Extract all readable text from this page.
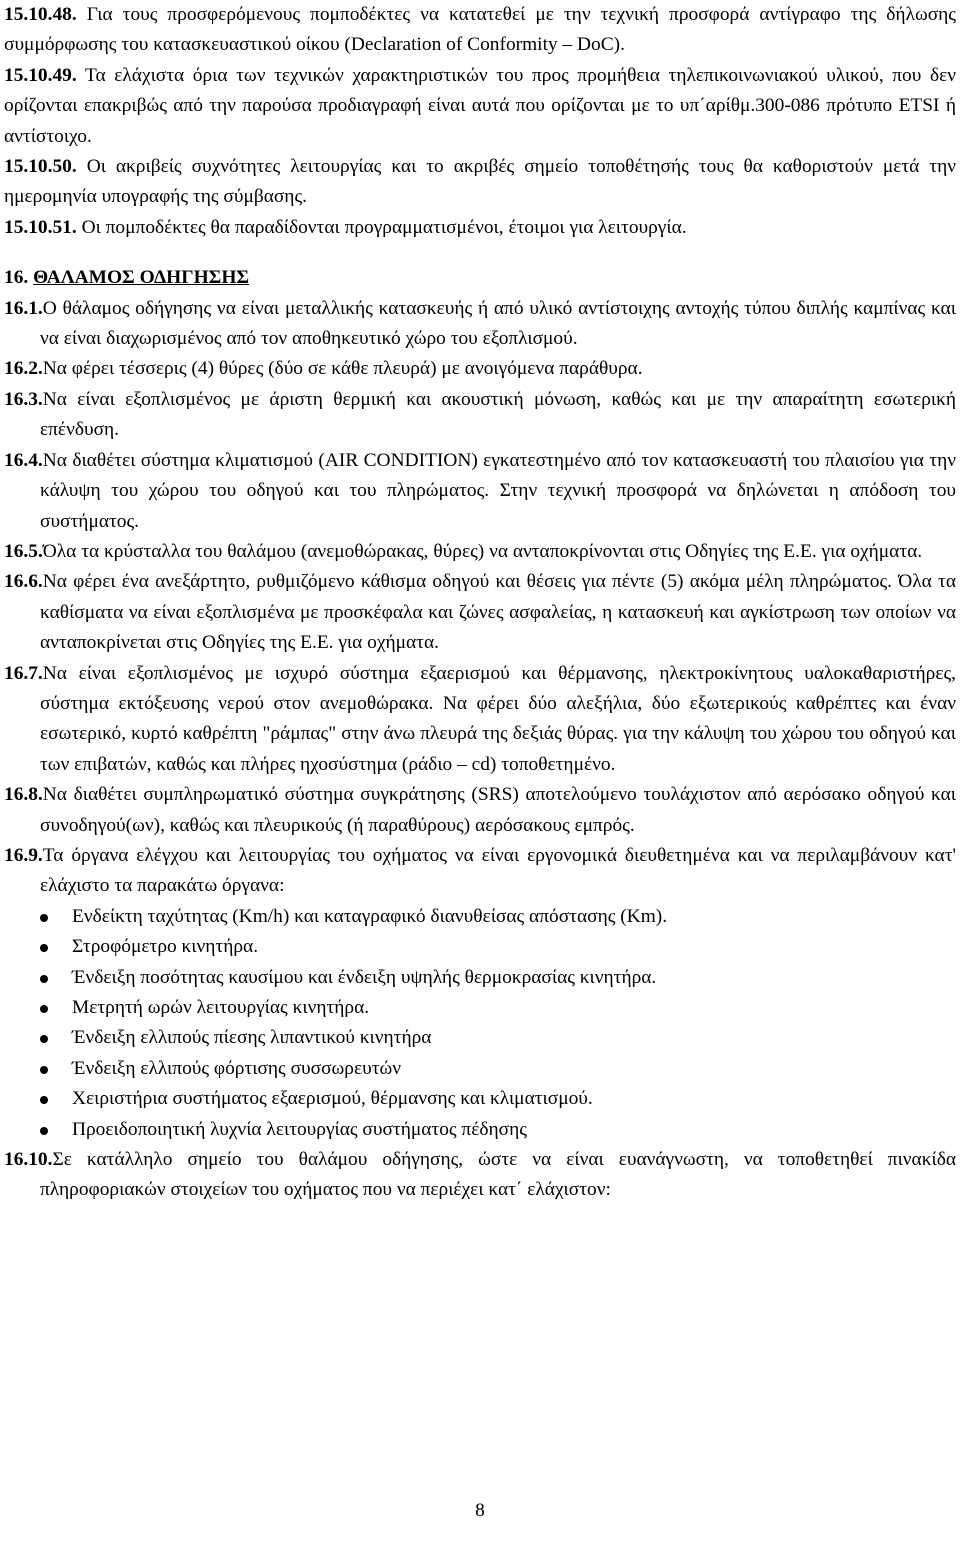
15.10.48. Για τους προσφερόμενους πομποδέκτες να κατατεθεί με την τεχνική προσφορά αντίγραφο της δήλωσης συμμόρφωσης του κατασκευαστικού οίκου (Declaration of Conformity – DoC).

15.10.49. Τα ελάχιστα όρια των τεχνικών χαρακτηριστικών του προς προμήθεια τηλεπικοινωνιακού υλικού, που δεν ορίζονται επακριβώς από την παρούσα προδιαγραφή είναι αυτά που ορίζονται με το υπ΄αρίθμ.300-086 πρότυπο ETSI ή αντίστοιχο.

15.10.50. Οι ακριβείς συχνότητες λειτουργίας και το ακριβές σημείο τοποθέτησής τους θα καθοριστούν μετά την ημερομηνία υπογραφής της σύμβασης.

15.10.51. Οι πομποδέκτες θα παραδίδονται προγραμματισμένοι, έτοιμοι για λειτουργία.

16. ΘΑΛΑΜΟΣ ΟΔΗΓΗΣΗΣ

16.1.Ο θάλαμος οδήγησης να είναι μεταλλικής κατασκευής ή από υλικό αντίστοιχης αντοχής τύπου διπλής καμπίνας και να είναι διαχωρισμένος από τον αποθηκευτικό χώρο του εξοπλισμού.

16.2.Να φέρει τέσσερις (4) θύρες (δύο σε κάθε πλευρά) με ανοιγόμενα παράθυρα.

16.3.Να είναι εξοπλισμένος με άριστη θερμική και ακουστική μόνωση, καθώς και με την απαραίτητη εσωτερική επένδυση.

16.4.Να διαθέτει σύστημα κλιματισμού (AIR CONDITION) εγκατεστημένο από τον κατασκευαστή του πλαισίου για την κάλυψη του χώρου του οδηγού και του πληρώματος. Στην τεχνική προσφορά να δηλώνεται η απόδοση του συστήματος.

16.5.Όλα τα κρύσταλλα του θαλάμου (ανεμοθώρακας, θύρες) να ανταποκρίνονται στις Οδηγίες της Ε.Ε. για οχήματα.

16.6.Να φέρει ένα ανεξάρτητο, ρυθμιζόμενο κάθισμα οδηγού και θέσεις για πέντε (5) ακόμα μέλη πληρώματος. Όλα τα καθίσματα να είναι εξοπλισμένα με προσκέφαλα και ζώνες ασφαλείας, η κατασκευή και αγκίστρωση των οποίων να ανταποκρίνεται στις Οδηγίες της Ε.Ε. για οχήματα.

16.7.Να είναι εξοπλισμένος με ισχυρό σύστημα εξαερισμού και θέρμανσης, ηλεκτροκίνητους υαλοκαθαριστήρες, σύστημα εκτόξευσης νερού στον ανεμοθώρακα. Να φέρει δύο αλεξήλια, δύο εξωτερικούς καθρέπτες και έναν εσωτερικό, κυρτό καθρέπτη "ράμπας" στην άνω πλευρά της δεξιάς θύρας. για την κάλυψη του χώρου του οδηγού και των επιβατών, καθώς και πλήρες ηχοσύστημα (ράδιο – cd) τοποθετημένο.

16.8.Να διαθέτει συμπληρωματικό σύστημα συγκράτησης (SRS) αποτελούμενο τουλάχιστον από αερόσακο οδηγού και συνοδηγού(ων), καθώς και πλευρικούς (ή παραθύρους) αερόσακους εμπρός.

16.9.Τα όργανα ελέγχου και λειτουργίας του οχήματος να είναι εργονομικά διευθετημένα και να περιλαμβάνουν κατ' ελάχιστο τα παρακάτω όργανα:

Ενδείκτη ταχύτητας (Km/h) και καταγραφικό διανυθείσας απόστασης (Km).
Στροφόμετρο κινητήρα.
Ένδειξη ποσότητας καυσίμου και ένδειξη υψηλής θερμοκρασίας κινητήρα.
Μετρητή ωρών λειτουργίας κινητήρα.
Ένδειξη ελλιπούς πίεσης λιπαντικού κινητήρα
Ένδειξη ελλιπούς φόρτισης συσσωρευτών
Χειριστήρια συστήματος εξαερισμού, θέρμανσης και κλιματισμού.
Προειδοποιητική λυχνία λειτουργίας συστήματος πέδησης

16.10.Σε κατάλληλο σημείο του θαλάμου οδήγησης, ώστε να είναι ευανάγνωστη, να τοποθετηθεί πινακίδα πληροφοριακών στοιχείων του οχήματος που να περιέχει κατ΄ ελάχιστον:

8
